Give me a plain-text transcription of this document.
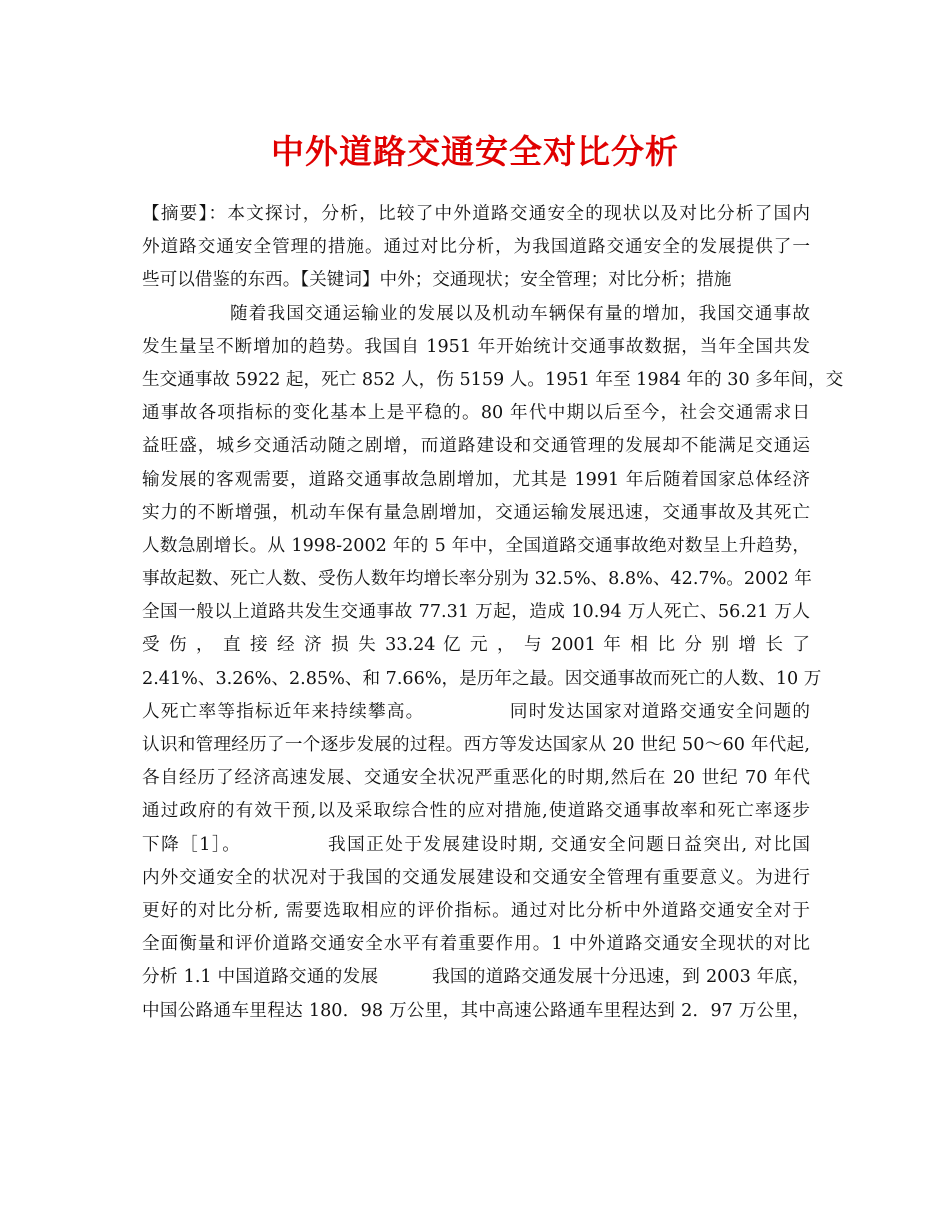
中外道路交通安全对比分析
【摘要】：本文探讨，分析，比较了中外道路交通安全的现状以及对比分析了国内
外道路交通安全管理的措施。通过对比分析，为我国道路交通安全的发展提供了一
些可以借鉴的东西。【关键词】中外；交通现状；安全管理；对比分析；措施
随着我国交通运输业的发展以及机动车辆保有量的增加，我国交通事故
发生量呈不断增加的趋势。我国自 1951 年开始统计交通事故数据，当年全国共发
生交通事故 5922 起，死亡 852 人，伤 5159 人。1951 年至 1984 年的 30 多年间，交
通事故各项指标的变化基本上是平稳的。80 年代中期以后至今，社会交通需求日
益旺盛，城乡交通活动随之剧增，而道路建设和交通管理的发展却不能满足交通运
输发展的客观需要，道路交通事故急剧增加，尤其是 1991 年后随着国家总体经济
实力的不断增强，机动车保有量急剧增加，交通运输发展迅速，交通事故及其死亡
人数急剧增长。从 1998-2002 年的 5 年中，全国道路交通事故绝对数呈上升趋势，
事故起数、死亡人数、受伤人数年均增长率分别为 32.5%、8.8%、42.7%。2002 年
全国一般以上道路共发生交通事故 77.31 万起，造成 10.94 万人死亡、56.21 万人
受 伤 ， 直 接 经 济 损 失 33.24 亿 元 ， 与 2001 年 相 比 分 别 增 长 了
2.41%、3.26%、2.85%、和 7.66%，是历年之最。因交通事故而死亡的人数、10 万
人死亡率等指标近年来持续攀高。　　　　　同时发达国家对道路交通安全问题的
认识和管理经历了一个逐步发展的过程。西方等发达国家从 20 世纪 50～60 年代起,
各自经历了经济高速发展、交通安全状况严重恶化的时期,然后在 20 世纪 70 年代
通过政府的有效干预,以及采取综合性的应对措施,使道路交通事故率和死亡率逐步
下降［1］。　　　　　我国正处于发展建设时期, 交通安全问题日益突出, 对比国
内外交通安全的状况对于我国的交通发展建设和交通安全管理有重要意义。为进行
更好的对比分析, 需要选取相应的评价指标。通过对比分析中外道路交通安全对于
全面衡量和评价道路交通安全水平有着重要作用。1 中外道路交通安全现状的对比
分析 1.1 中国道路交通的发展　　　我国的道路交通发展十分迅速，到 2003 年底，
中国公路通车里程达 180．98 万公里，其中高速公路通车里程达到 2．97 万公里，
